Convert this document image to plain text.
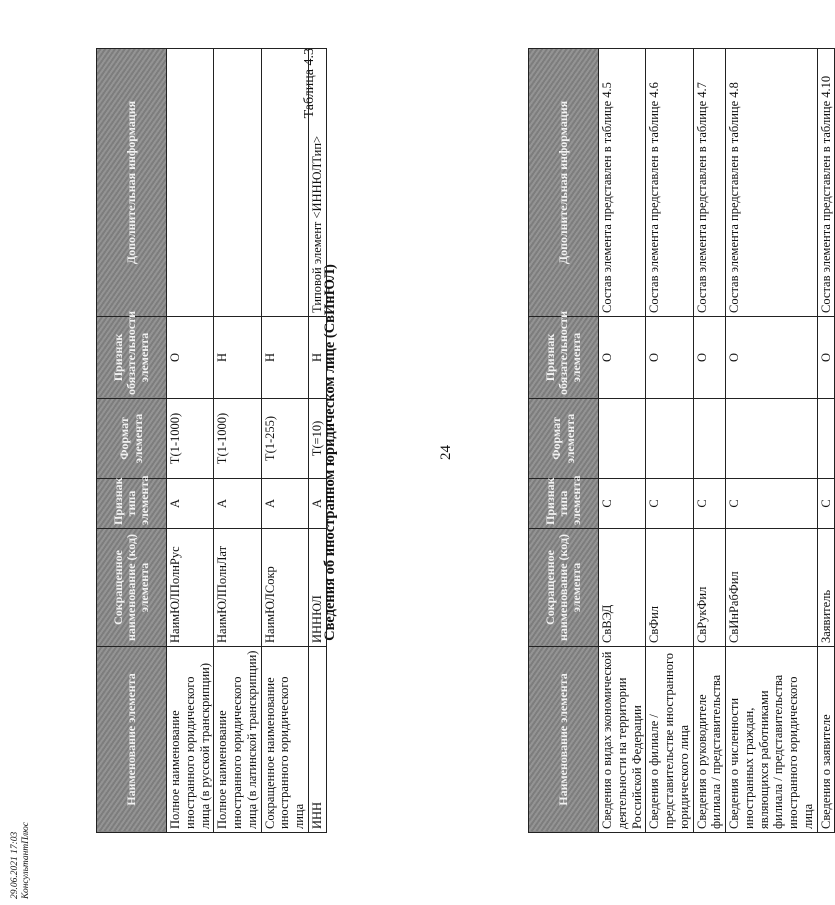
24
Наименование элемента	Сокращенное наименование (код) элемента	Признак типа элемента	Формат элемента	Признак обязательности элемента	Дополнительная информация
Сведения о видах экономической деятельности на территории Российской Федерации	СвВЭД	С		О	Состав элемента представлен в таблице 4.5
Сведения о филиале / представительстве иностранного юридического лица	СвФил	С		О	Состав элемента представлен в таблице 4.6
Сведения о руководителе филиала / представительства	СвРукФил	С		О	Состав элемента представлен в таблице 4.7
Сведения о численности иностранных граждан, являющихся работниками филиала / представительства иностранного юридического лица	СвИнРабФил	С		О	Состав элемента представлен в таблице 4.8
Сведения о заявителе	Заявитель	С		О	Состав элемента представлен в таблице 4.10
Таблица 4.3
Сведения об иностранном юридическом лице (СвИнЮЛ)
Наименование элемента	Сокращенное наименование (код) элемента	Признак типа элемента	Формат элемента	Признак обязательности элемента	Дополнительная информация
Полное наименование иностранного юридического лица (в русской транскрипции)	НаимЮЛПолнРус	А	T(1-1000)	О	
Полное наименование иностранного юридического лица (в латинской транскрипции)	НаимЮЛПолнЛат	А	T(1-1000)	Н	
Сокращенное наименование иностранного юридического лица	НаимЮЛСокр	А	T(1-255)	Н	
ИНН	ИННЮЛ	А	T(=10)	Н	Типовой элемент <ИННЮЛТип>
29.06.2021 17:03 КонсультантПлюс
